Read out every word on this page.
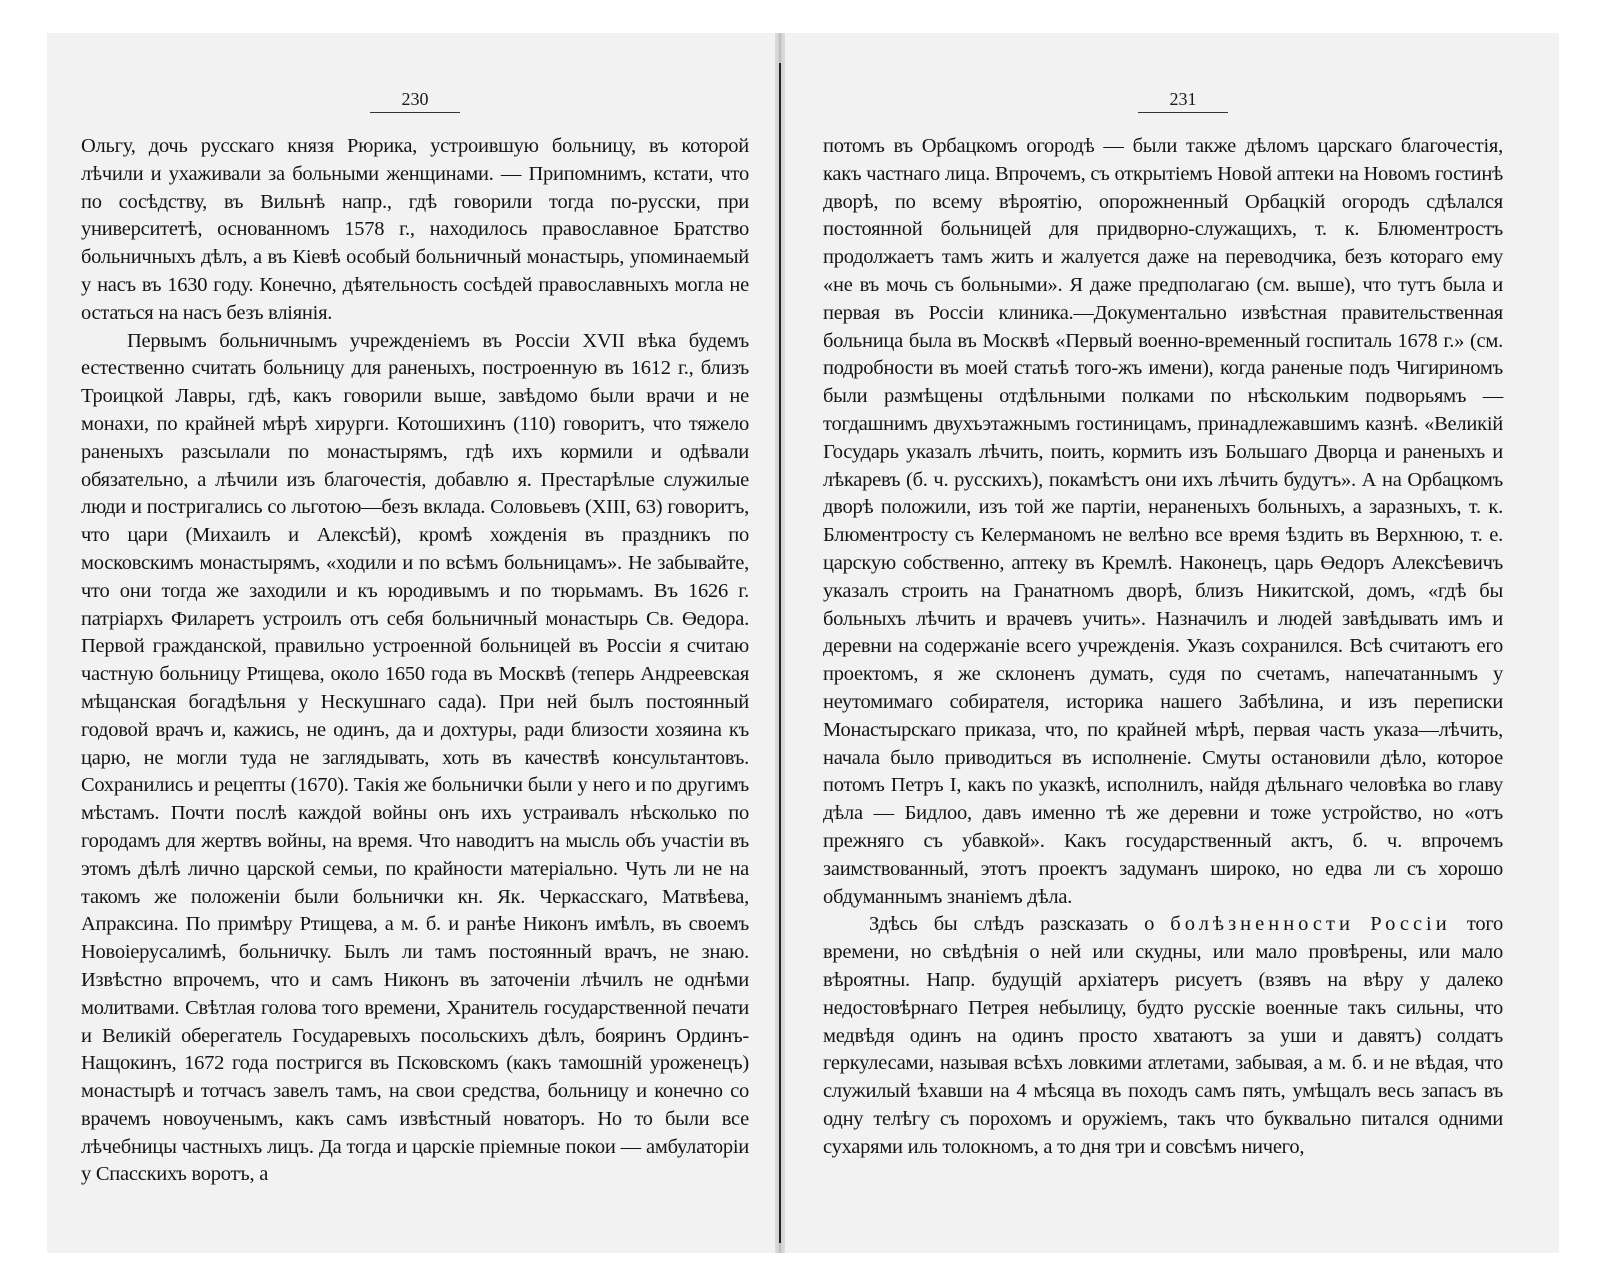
230

Ольгу, дочь русскаго князя Рюрика, устроившую больницу, въ которой лѣчили и ухаживали за больными женщинами. — Припомнимъ, кстати, что по сосѣдству, въ Вильнѣ напр., гдѣ говорили тогда по-русски, при университетѣ, основанномъ 1578 г., находилось православное Братство больничныхъ дѣлъ, а въ Кіевѣ особый больничный монастырь, упоминаемый у насъ въ 1630 году. Конечно, дѣятельность сосѣдей православныхъ могла не остаться на насъ безъ вліянія.

Первымъ больничнымъ учрежденіемъ въ Россіи XVII вѣка будемъ естественно считать больницу для раненыхъ, построенную въ 1612 г., близъ Троицкой Лавры, гдѣ, какъ говорили выше, завѣдомо были врачи и не монахи, по крайней мѣрѣ хирурги. Котошихинъ (110) говоритъ, что тяжело раненыхъ разсылали по монастырямъ, гдѣ ихъ кормили и одѣвали обязательно, а лѣчили изъ благочестія, добавлю я. Престарѣлые служилые люди и постригались со льготою—безъ вклада. Соловьевъ (XIII, 63) говоритъ, что цари (Михаилъ и Алексѣй), кромѣ хожденія въ праздникъ по московскимъ монастырямъ, «ходили и по всѣмъ больницамъ». Не забывайте, что они тогда же заходили и къ юродивымъ и по тюрьмамъ. Въ 1626 г. патріархъ Филаретъ устроилъ отъ себя больничный монастырь Св. Өедора. Первой гражданской, правильно устроенной больницей въ Россіи я считаю частную больницу Ртищева, около 1650 года въ Москвѣ (теперь Андреевская мѣщанская богадѣльня у Нескушнаго сада). При ней былъ постоянный годовой врачъ и, кажись, не одинъ, да и дохтуры, ради близости хозяина къ царю, не могли туда не заглядывать, хоть въ качествѣ консультантовъ. Сохранились и рецепты (1670). Такія же больнички были у него и по другимъ мѣстамъ. Почти послѣ каждой войны онъ ихъ устраивалъ нѣсколько по городамъ для жертвъ войны, на время. Что наводитъ на мысль объ участіи въ этомъ дѣлѣ лично царской семьи, по крайности матеріально. Чуть ли не на такомъ же положеніи были больнички кн. Як. Черкасскаго, Матвѣева, Апраксина. По примѣру Ртищева, а м. б. и ранѣе Никонъ имѣлъ, въ своемъ Новоіерусалимѣ, больничку. Былъ ли тамъ постоянный врачъ, не знаю. Извѣстно впрочемъ, что и самъ Никонъ въ заточеніи лѣчилъ не однѣми молитвами. Свѣтлая голова того времени, Хранитель государственной печати и Великій оберегатель Государевыхъ посольскихъ дѣлъ, бояринъ Ординъ-Нащокинъ, 1672 года постригся въ Псковскомъ (какъ тамошній уроженецъ) монастырѣ и тотчасъ завелъ тамъ, на свои средства, больницу и конечно со врачемъ новоученымъ, какъ самъ извѣстный новаторъ. Но то были все лѣчебницы частныхъ лицъ. Да тогда и царскіе пріемные покои — амбулаторіи у Спасскихъ воротъ, а

231

потомъ въ Орбацкомъ огородѣ — были также дѣломъ царскаго благочестія, какъ частнаго лица. Впрочемъ, съ открытіемъ Новой аптеки на Новомъ гостинѣ дворѣ, по всему вѣроятію, опорожненный Орбацкій огородъ сдѣлался постоянной больницей для придворно-служащихъ, т. к. Блюментростъ продолжаетъ тамъ жить и жалуется даже на переводчика, безъ котораго ему «не въ мочь съ больными». Я даже предполагаю (см. выше), что тутъ была и первая въ Россіи клиника.—Документально извѣстная правительственная больница была въ Москвѣ «Первый военно-временный госпиталь 1678 г.» (см. подробности въ моей статьѣ того-жъ имени), когда раненые подъ Чигириномъ были размѣщены отдѣльными полками по нѣскольким подворьямъ — тогдашнимъ двухъэтажнымъ гостиницамъ, принадлежавшимъ казнѣ. «Великій Государь указалъ лѣчить, поить, кормить изъ Большаго Дворца и раненыхъ и лѣкаревъ (б. ч. русскихъ), покамѣстъ они ихъ лѣчить будутъ». А на Орбацкомъ дворѣ положили, изъ той же партіи, нераненыхъ больныхъ, а заразныхъ, т. к. Блюментросту съ Келерманомъ не велѣно все время ѣздить въ Верхнюю, т. е. царскую собственно, аптеку въ Кремлѣ. Наконецъ, царь Өедоръ Алексѣевичъ указалъ строить на Гранатномъ дворѣ, близъ Никитской, домъ, «гдѣ бы больныхъ лѣчить и врачевъ учить». Назначилъ и людей завѣдывать имъ и деревни на содержаніе всего учрежденія. Указъ сохранился. Всѣ считаютъ его проектомъ, я же склоненъ думать, судя по счетамъ, напечатаннымъ у неутомимаго собирателя, историка нашего Забѣлина, и изъ переписки Монастырскаго приказа, что, по крайней мѣрѣ, первая часть указа—лѣчить, начала было приводиться въ исполненіе. Смуты остановили дѣло, которое потомъ Петръ I, какъ по указкѣ, исполнилъ, найдя дѣльнаго человѣка во главу дѣла — Бидлоо, давъ именно тѣ же деревни и тоже устройство, но «отъ прежняго съ убавкой». Какъ государственный актъ, б. ч. впрочемъ заимствованный, этотъ проектъ задуманъ широко, но едва ли съ хорошо обдуманнымъ знаніемъ дѣла.

Здѣсь бы слѣдъ разсказать о болѣзненности Россіи того времени, но свѣдѣнія о ней или скудны, или мало провѣрены, или мало вѣроятны. Напр. будущій архіатеръ рисуетъ (взявъ на вѣру у далеко недостовѣрнаго Петрея небылицу, будто русскіе военные такъ сильны, что медвѣдя одинъ на одинъ просто хватаютъ за уши и давятъ) солдатъ геркулесами, называя всѣхъ ловкими атлетами, забывая, а м. б. и не вѣдая, что служилый ѣхавши на 4 мѣсяца въ походъ самъ пять, умѣщалъ весь запасъ въ одну телѣгу съ порохомъ и оружіемъ, такъ что буквально питался одними сухарями иль толокномъ, а то дня три и совсѣмъ ничего,
